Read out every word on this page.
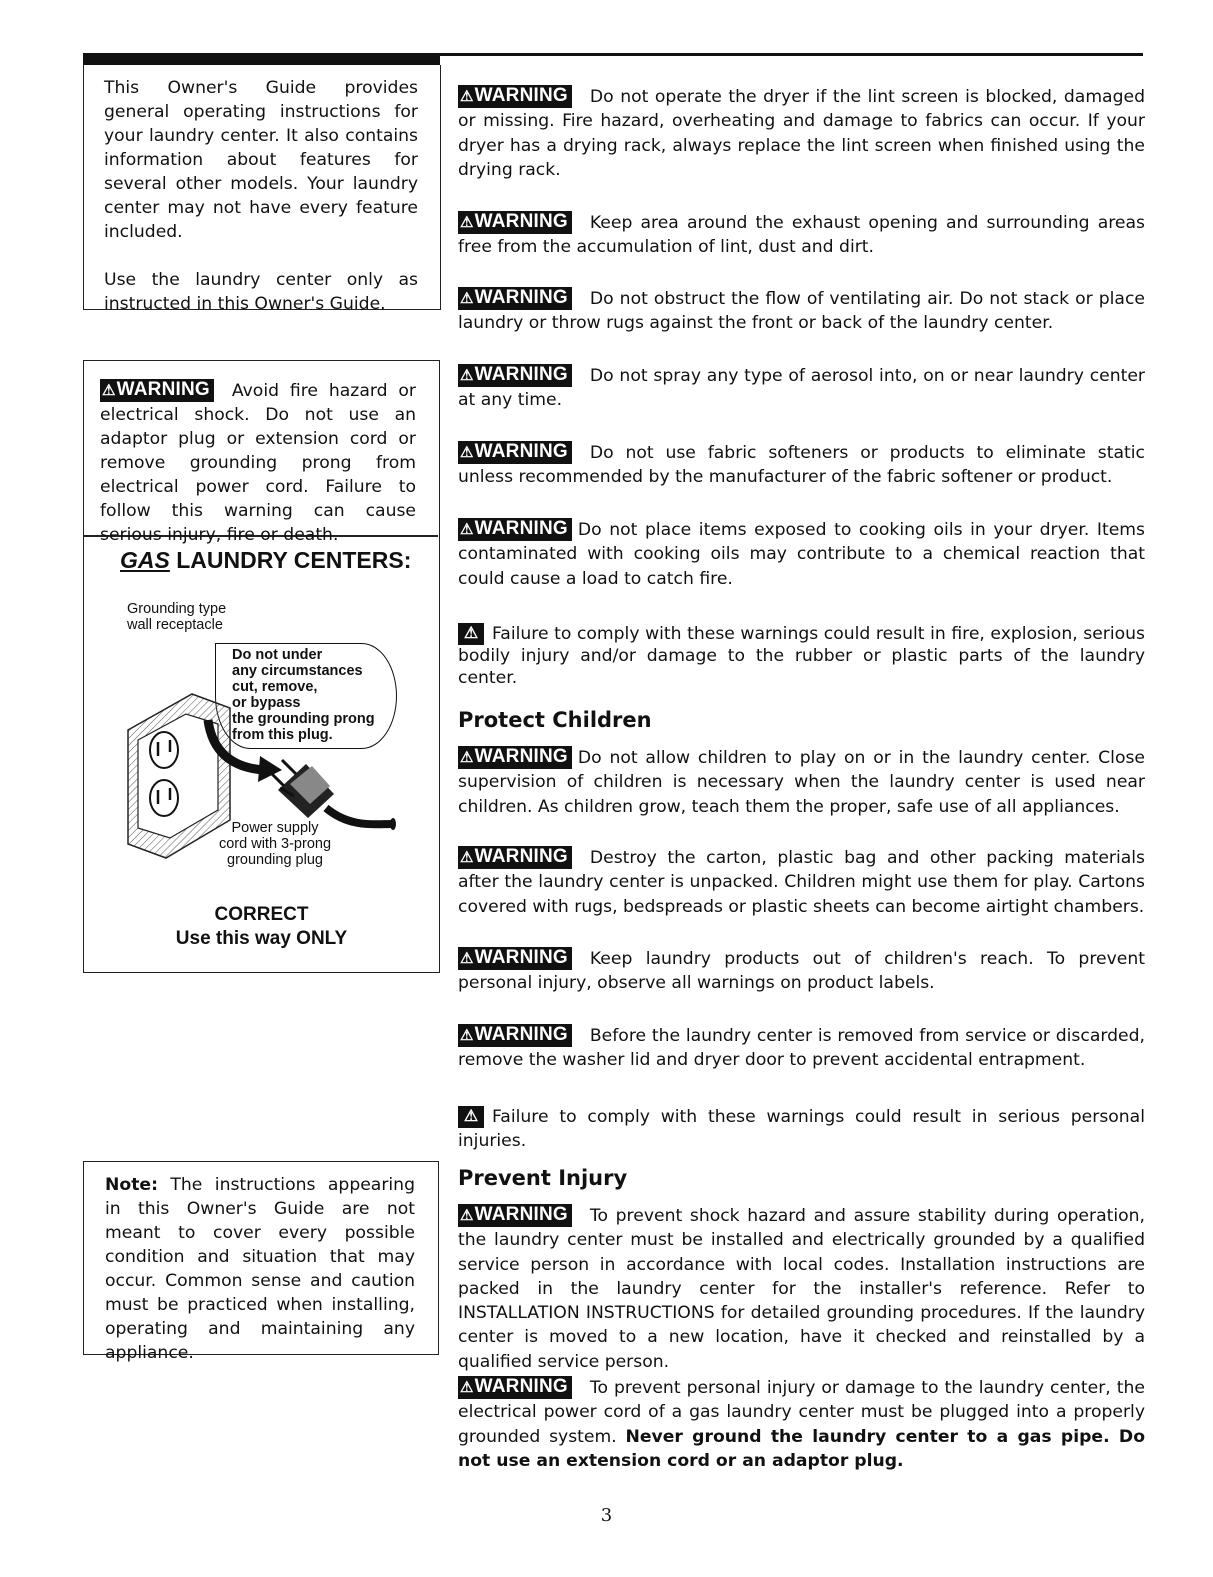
This Owner's Guide provides general operating instructions for your laundry center. It also contains information about features for several other models. Your laundry center may not have every feature included.

Use the laundry center only as instructed in this Owner's Guide.

⚠WARNING Avoid fire hazard or electrical shock. Do not use an adaptor plug or extension cord or remove grounding prong from electrical power cord. Failure to follow this warning can cause serious injury, fire or death.

GAS LAUNDRY CENTERS:

Grounding type

wall receptacle

Do not under
any circumstances
cut, remove,
or bypass
the grounding prong
from this plug.
Power supply
cord with 3-prong
grounding plug
CORRECT
Use this way ONLY

Note: The instructions appearing in this Owner's Guide are not meant to cover every possible condition and situation that may occur. Common sense and caution must be practiced when installing, operating and maintaining any appliance.

⚠WARNING Do not operate the dryer if the lint screen is blocked, damaged or missing. Fire hazard, overheating and damage to fabrics can occur. If your dryer has a drying rack, always replace the lint screen when finished using the drying rack.

⚠WARNING Keep area around the exhaust opening and surrounding areas free from the accumulation of lint, dust and dirt.

⚠WARNING Do not obstruct the flow of ventilating air. Do not stack or place laundry or throw rugs against the front or back of the laundry center.

⚠WARNING Do not spray any type of aerosol into, on or near laundry center at any time.

⚠WARNING Do not use fabric softeners or products to eliminate static unless recommended by the manufacturer of the fabric softener or product.

⚠WARNING Do not place items exposed to cooking oils in your dryer. Items contaminated with cooking oils may contribute to a chemical reaction that could cause a load to catch fire.

⚠ Failure to comply with these warnings could result in fire, explosion, serious bodily injury and/or damage to the rubber or plastic parts of the laundry center.

Protect Children

⚠WARNING Do not allow children to play on or in the laundry center. Close supervision of children is necessary when the laundry center is used near children. As children grow, teach them the proper, safe use of all appliances.

⚠WARNING Destroy the carton, plastic bag and other packing materials after the laundry center is unpacked. Children might use them for play. Cartons covered with rugs, bedspreads or plastic sheets can become airtight chambers.

⚠WARNING Keep laundry products out of children's reach. To prevent personal injury, observe all warnings on product labels.

⚠WARNING Before the laundry center is removed from service or discarded, remove the washer lid and dryer door to prevent accidental entrapment.

⚠ Failure to comply with these warnings could result in serious personal injuries.

Prevent Injury

⚠WARNING To prevent shock hazard and assure stability during operation, the laundry center must be installed and electrically grounded by a qualified service person in accordance with local codes. Installation instructions are packed in the laundry center for the installer's reference. Refer to INSTALLATION INSTRUCTIONS for detailed grounding procedures. If the laundry center is moved to a new location, have it checked and reinstalled by a qualified service person.

⚠WARNING To prevent personal injury or damage to the laundry center, the electrical power cord of a gas laundry center must be plugged into a properly grounded system. Never ground the laundry center to a gas pipe. Do not use an extension cord or an adaptor plug.

3
